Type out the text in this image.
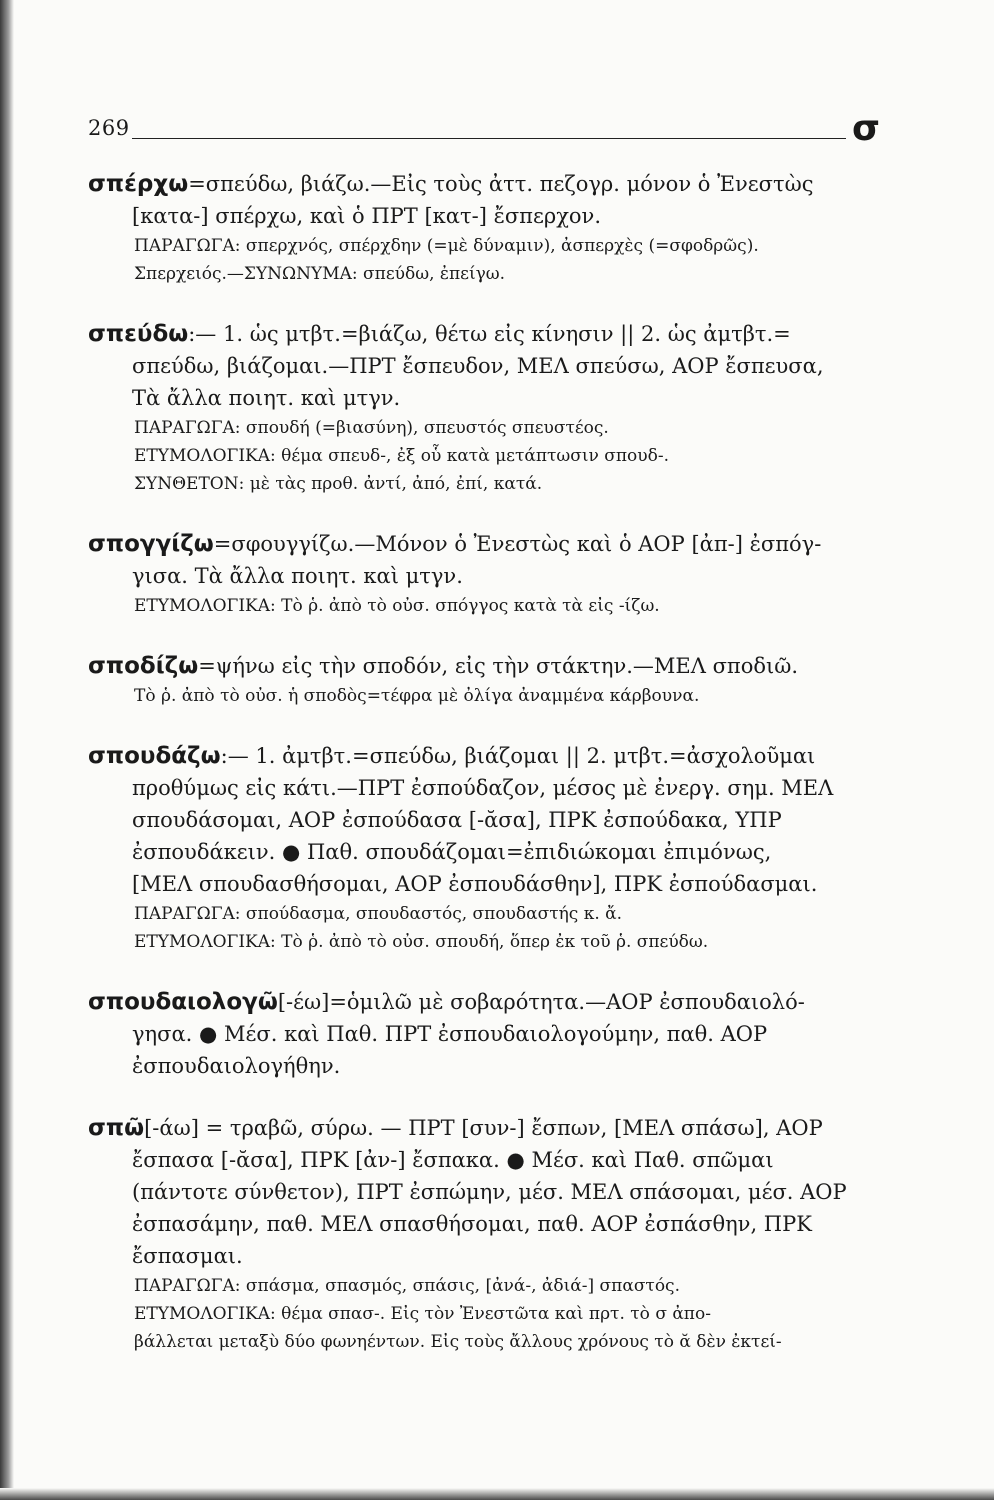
269	σ
σπέρχω=σπεύδω, βιάζω.—Εἰς τοὺς ἀττ. πεζογρ. μόνον ὁ Ἐνεστὼς
[κατα-] σπέρχω, καὶ ὁ ΠΡΤ [κατ-] ἔσπερχον.
ΠΑΡΑΓΩΓΑ: σπερχνός, σπέρχδην (=μὲ δύναμιν), ἀσπερχὲς (=σφοδρῶς).
Σπερχειός.—ΣΥΝΩΝΥΜΑ: σπεύδω, ἐπείγω.
σπεύδω:— 1. ὡς μτβτ.=βιάζω, θέτω εἰς κίνησιν || 2. ὡς ἀμτβτ.=
σπεύδω, βιάζομαι.—ΠΡΤ ἔσπευδον, ΜΕΛ σπεύσω, ΑΟΡ ἔσπευσα,
Τὰ ἄλλα ποιητ. καὶ μτγν.
ΠΑΡΑΓΩΓΑ: σπουδή (=βιασύνη), σπευστός σπευστέος.
ΕΤΥΜΟΛΟΓΙΚΑ: θέμα σπευδ-, ἐξ οὗ κατὰ μετάπτωσιν σπουδ-.
ΣΥΝΘΕΤΟΝ: μὲ τὰς προθ. ἀντί, ἀπό, ἐπί, κατά.
σπογγίζω=σφουγγίζω.—Μόνον ὁ Ἐνεστὼς καὶ ὁ ΑΟΡ [ἀπ-] ἐσπόγ-
γισα. Τὰ ἄλλα ποιητ. καὶ μτγν.
ΕΤΥΜΟΛΟΓΙΚΑ: Τὸ ῥ. ἀπὸ τὸ οὐσ. σπόγγος κατὰ τὰ εἰς -ίζω.
σποδίζω=ψήνω εἰς τὴν σποδόν, εἰς τὴν στάκτην.—ΜΕΛ σποδιῶ.
Τὸ ῥ. ἀπὸ τὸ οὐσ. ἡ σποδὸς=τέφρα μὲ ὀλίγα ἀναμμένα κάρβουνα.
σπουδάζω:— 1. ἀμτβτ.=σπεύδω, βιάζομαι || 2. μτβτ.=ἀσχολοῦμαι
προθύμως εἰς κάτι.—ΠΡΤ ἐσπούδαζον, μέσος μὲ ἐνεργ. σημ. ΜΕΛ
σπουδάσομαι, ΑΟΡ ἐσπούδασα [-ᾰσα], ΠΡΚ ἐσπούδακα, ΥΠΡ
ἐσπουδάκειν. ● Παθ. σπουδάζομαι=ἐπιδιώκομαι ἐπιμόνως,
[ΜΕΛ σπουδασθήσομαι, ΑΟΡ ἐσπουδάσθην], ΠΡΚ ἐσπούδασμαι.
ΠΑΡΑΓΩΓΑ: σπούδασμα, σπουδαστός, σπουδαστής κ. ἄ.
ΕΤΥΜΟΛΟΓΙΚΑ: Τὸ ῥ. ἀπὸ τὸ οὐσ. σπουδή, ὅπερ ἐκ τοῦ ῥ. σπεύδω.
σπουδαιολογῶ[-έω]=ὁμιλῶ μὲ σοβαρότητα.—ΑΟΡ ἐσπουδαιολό-
γησα. ● Μέσ. καὶ Παθ. ΠΡΤ ἐσπουδαιολογούμην, παθ. ΑΟΡ
ἐσπουδαιολογήθην.
σπῶ[-άω] = τραβῶ, σύρω. — ΠΡΤ [συν-] ἔσπων, [ΜΕΛ σπάσω], ΑΟΡ
ἔσπασα [-ᾰσα], ΠΡΚ [ἀν-] ἔσπακα. ● Μέσ. καὶ Παθ. σπῶμαι
(πάντοτε σύνθετον), ΠΡΤ ἐσπώμην, μέσ. ΜΕΛ σπάσομαι, μέσ. ΑΟΡ
ἐσπασάμην, παθ. ΜΕΛ σπασθήσομαι, παθ. ΑΟΡ ἐσπάσθην, ΠΡΚ
ἔσπασμαι.
ΠΑΡΑΓΩΓΑ: σπάσμα, σπασμός, σπάσις, [ἀνά-, ἀδιά-] σπαστός.
ΕΤΥΜΟΛΟΓΙΚΑ: θέμα σπασ-. Εἰς τὸν Ἐνεστῶτα καὶ πρτ. τὸ σ ἀπο-
βάλλεται μεταξὺ δύο φωνηέντων. Εἰς τοὺς ἄλλους χρόνους τὸ ᾰ δὲν ἐκτεί-
